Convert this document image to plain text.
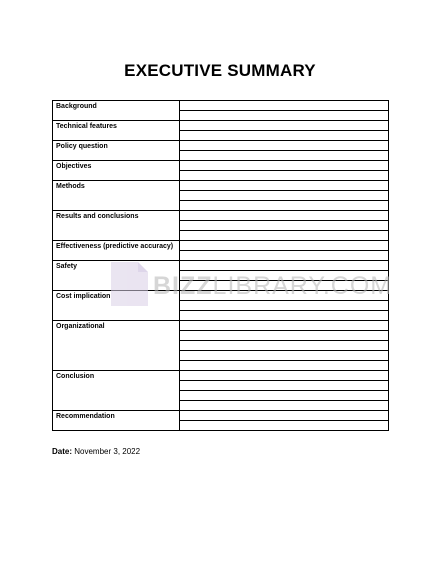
EXECUTIVE SUMMARY
Background	

Technical features	

Policy question	

Objectives	

Methods	

Results and conclusions	

Effectiveness (predictive accuracy)	

Safety	

Cost implication	

Organizational	

Conclusion	

Recommendation	

BIZZLIBRARY.COM
Date: November 3, 2022
